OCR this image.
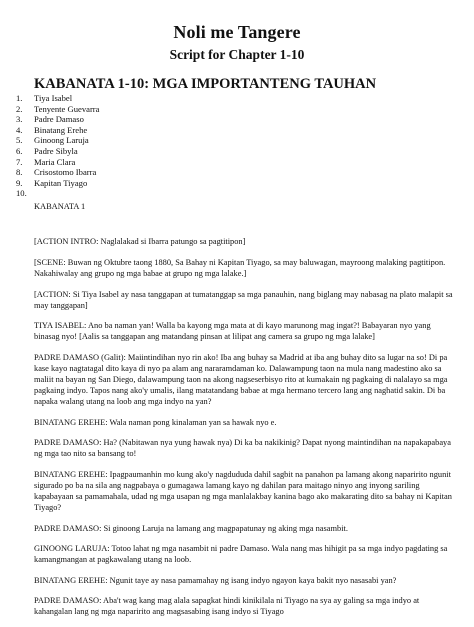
Noli me Tangere
Script for Chapter 1-10
KABANATA 1-10: MGA IMPORTANTENG TAUHAN
1.	Tiya Isabel
2.	Tenyente Guevarra
3.	Padre Damaso
4.	Binatang Erehe
5.	Ginoong Laruja
6.	Padre Sibyla
7.	Maria Clara
8.	Crisostomo Ibarra
9.	Kapitan Tiyago
10.

KABANATA 1

[ACTION INTRO: Naglalakad si Ibarra patungo sa pagtitipon]

[SCENE: Buwan ng Oktubre taong 1880, Sa Bahay ni Kapitan Tiyago, sa may baluwagan, mayroong malaking pagtitipon. Nakahiwalay ang grupo ng mga babae at grupo ng mga lalake.]

[ACTION: Si Tiya Isabel ay nasa tanggapan at tumatanggap sa mga panauhin, nang biglang may nabasag na plato malapit sa may tanggapan]

TIYA ISABEL: Ano ba naman yan! Walla ba kayong mga mata at di kayo marunong mag ingat?! Babayaran nyo yang binasag nyo! [Aalis sa tanggapan ang matandang pinsan at lilipat ang camera sa grupo ng mga lalake]

PADRE DAMASO (Galit): Maiintindihan nyo rin ako! Iba ang buhay sa Madrid at iba ang buhay dito sa lugar na so! Di pa kase kayo nagtatagal dito kaya di nyo pa alam ang nararamdaman ko. Dalawampung taon na mula nang madestino ako sa maliit na bayan ng San Diego, dalawampung taon na akong nagseserbisyo rito at kumakain ng pagkaing di nalalayo sa mga pagkaing indyo. Tapos nang ako'y umalis, ilang matatandang babae at mga hermano tercero lang ang naghatid sakin. Di ba napaka walang utang na loob ang mga indyo na yan?

BINATANG EREHE: Wala naman pong kinalaman yan sa hawak nyo e.

PADRE DAMASO: Ha? (Nabitawan nya yung hawak nya) Di ka ba nakikinig? Dapat nyong maintindihan na napakapabaya ng mga tao nito sa bansang to!

BINATANG EREHE: Ipagpaumanhin mo kung ako'y nagdududa dahil sagbit na panahon pa lamang akong naparirito ngunit sigurado po ba na sila ang nagpabaya o gumagawa lamang kayo ng dahilan para maitago ninyo ang inyong sariling kapabayaan sa pamamahala, udad ng mga usapan ng mga manlalakbay kanina bago ako makarating dito sa bahay ni Kapitan Tiyago?

PADRE DAMASO: Si ginoong Laruja na lamang ang magpapatunay ng aking mga nasambit.

GINOONG LARUJA: Totoo lahat ng mga nasambit ni padre Damaso. Wala nang mas hihigit pa sa mga indyo pagdating sa kamangmangan at pagkawalang utang na loob.

BINATANG EREHE: Ngunit taye ay nasa pamamahay ng isang indyo ngayon kaya bakit nyo nasasabi yan?

PADRE DAMASO: Aba't wag kang mag alala sapagkat hindi kinikilala ni Tiyago na sya ay galing sa mga indyo at kahangalan lang ng mga naparirito ang magsasabing isang indyo si Tiyago
